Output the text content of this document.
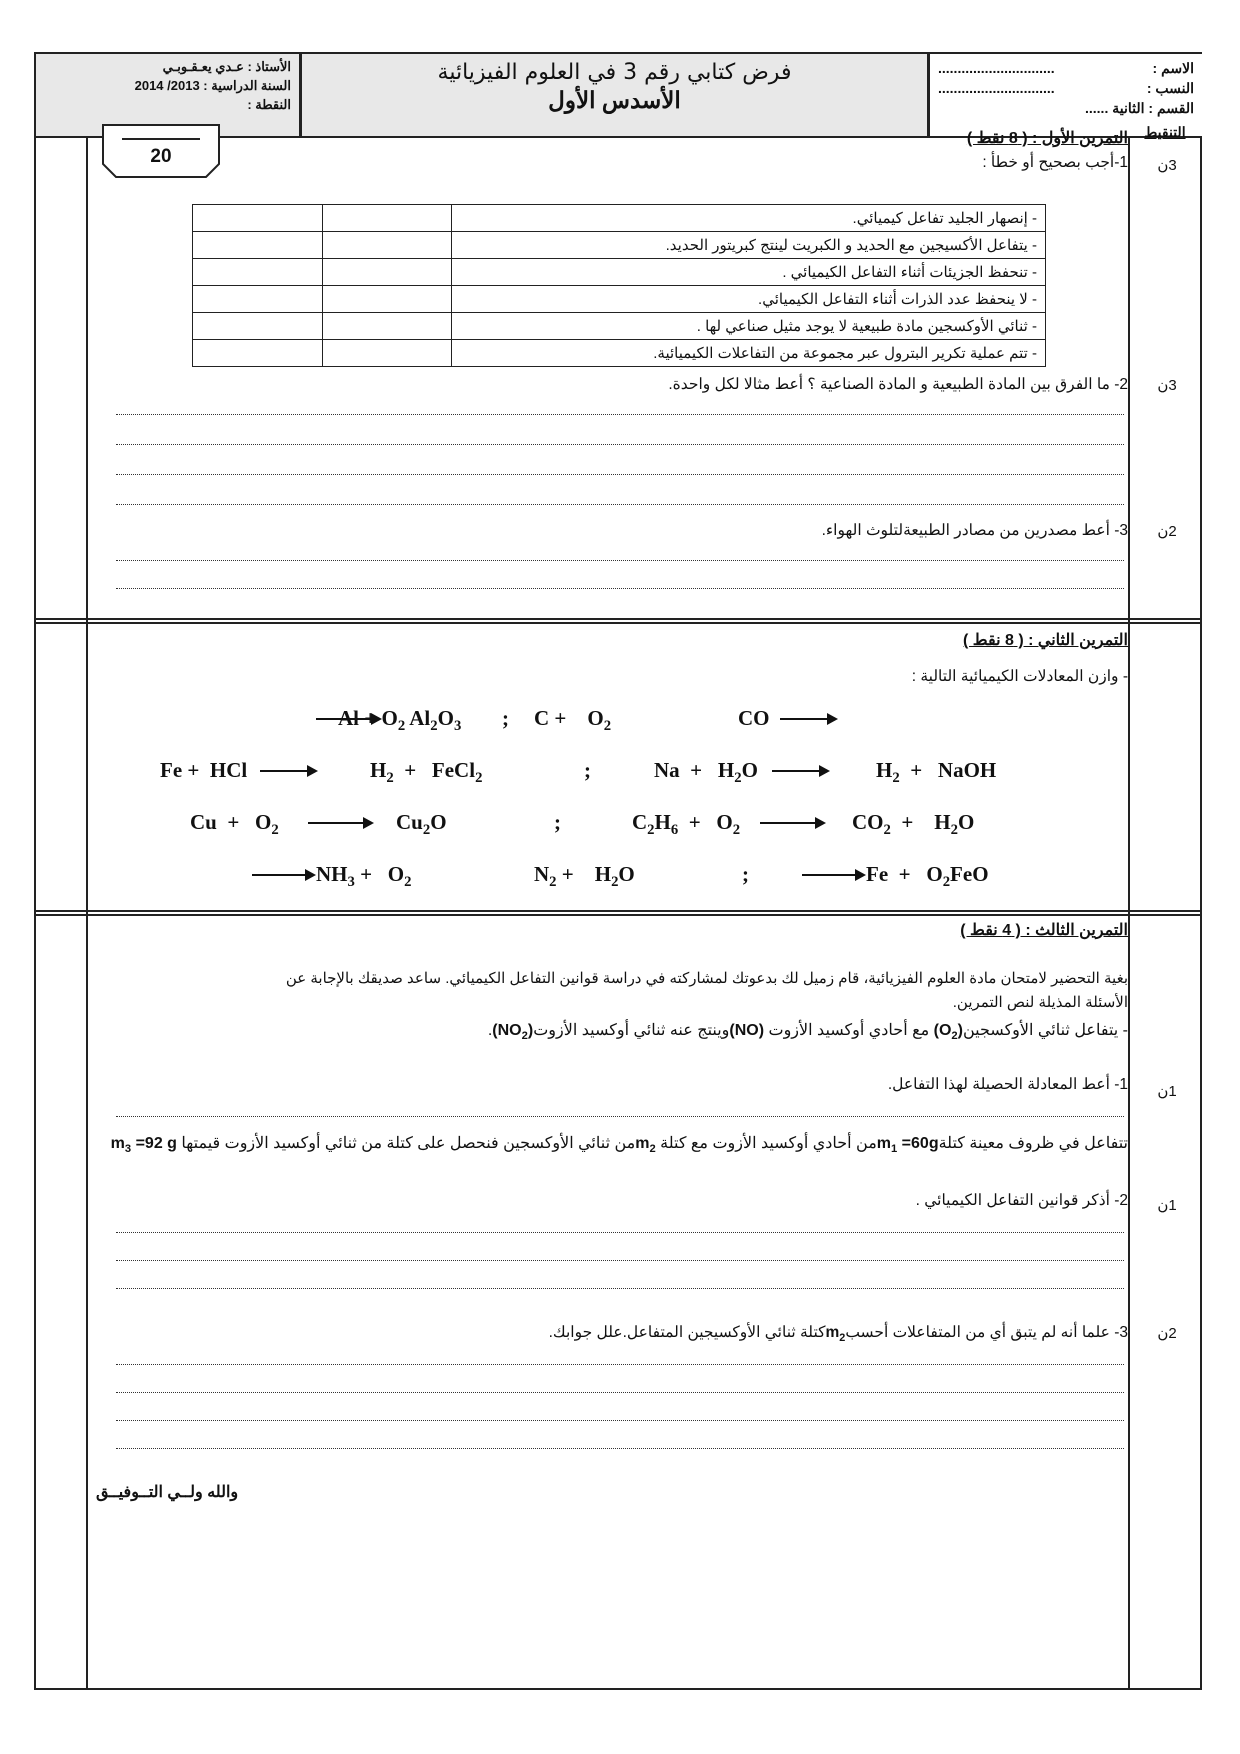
الأستاذ : عـدي يعـقـوبـي
السنة الدراسية : 2013/ 2014
النقطة :
فرض كتابي رقم 3 في العلوم الفيزيائية
الأسدس الأول
الاسم :
..............................
النسب :
..............................
القسم : الثانية ......
20
التنقيط
التمرين الأول : ( 8 نقط )
1-أجب بصحيح أو خطأ :	3ن
- إنصهار الجليد تفاعل كيميائي.		
- يتفاعل الأكسيجين مع الحديد و الكبريت لينتج كبريتور الحديد.		
- تنحفظ الجزيئات أثناء التفاعل الكيميائي .		
- لا ينحفظ عدد الذرات أثناء التفاعل الكيميائي.		
- ثنائي الأوكسجين مادة طبيعية لا يوجد مثيل صناعي لها .		
- تتم عملية تكرير البترول عبر مجموعة من التفاعلات الكيميائية.		
2- ما الفرق بين المادة الطبيعية و المادة الصناعية ؟ أعط مثالا لكل واحدة.	3ن
3- أعط مصدرين من مصادر الطبيعةلتلوث الهواء.	2ن
التمرين الثاني : ( 8 نقط )
- وازن المعادلات الكيميائية التالية :
$Al + O_2$ $Al_2O_3$ ; C +    $O_2$	CO →
Fe +  HCl →	$H_2$  +   FeCl$_2$	;	$Na + H_2O \to H_2$  +   NaOH
$Cu + O_2 \to Cu_2O$	;	$C_2H_6 + O_2 \to CO_2$  +    $H_2O$
→ $NH_3 + O_2$	$N_2$ +    $H_2O$	;	→ $Fe + O_2FeO$
التمرين الثالث : ( 4 نقط )
بغية التحضير لامتحان مادة العلوم الفيزيائية، قام زميل لك بدعوتك لمشاركته في دراسة قوانين التفاعل الكيميائي. ساعد صديقك بالإجابة عن
الأسئلة المذيلة لنص التمرين.
- يتفاعل ثنائي $الأوكسجين(O_2)$ مع أحادي أوكسيد الأزوت (NO)وينتج عنه ثنائي أوكسيد $الأزوت(NO_2)$.
1- أعط المعادلة الحصيلة لهذا التفاعل.	1ن
تتفاعل في ظروف معينة كتلةm$_1$ =60gمن أحادي أوكسيد الأزوت مع كتلة $m_2من$ ثنائي الأوكسجين فنحصل على كتلة من ثنائي أوكسيد الأزوت قيمتها $m_3 =92$ g
2- أذكر قوانين التفاعل الكيميائي .	1ن
3- علما أنه لم يتبق أي من المتفاعلات أحسبm$_2$كتلة ثنائي الأوكسيجين المتفاعل.علل جوابك.	2ن
والله ولــي التــوفيــق
